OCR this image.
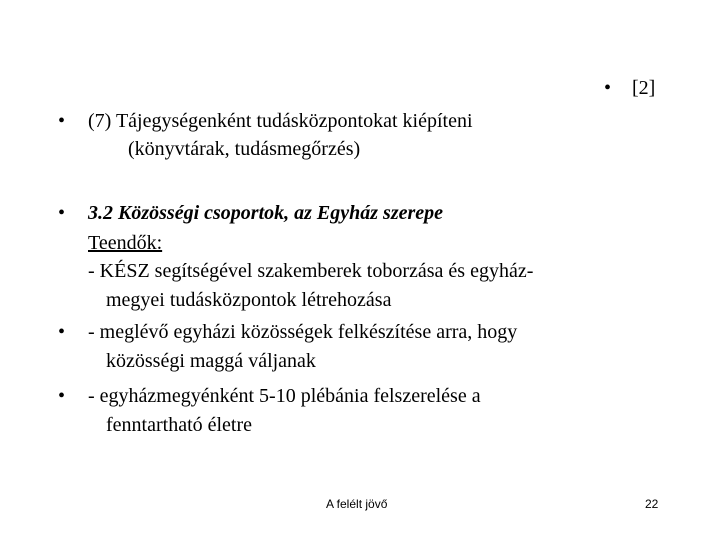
• [2]
• (7) Tájegységenként tudásközpontokat kiépíteni
(könyvtárak, tudásmegőrzés)
• 3.2 Közösségi csoportok, az Egyház szerepe
Teendők:
- KÉSZ segítségével szakemberek toborzása és egyház-
megyei tudásközpontok létrehozása
• - meglévő egyházi közösségek felkészítése arra, hogy
közösségi maggá váljanak
• - egyházmegyénként 5-10 plébánia felszerelése a
fenntartható életre
A felélt jövő	22
